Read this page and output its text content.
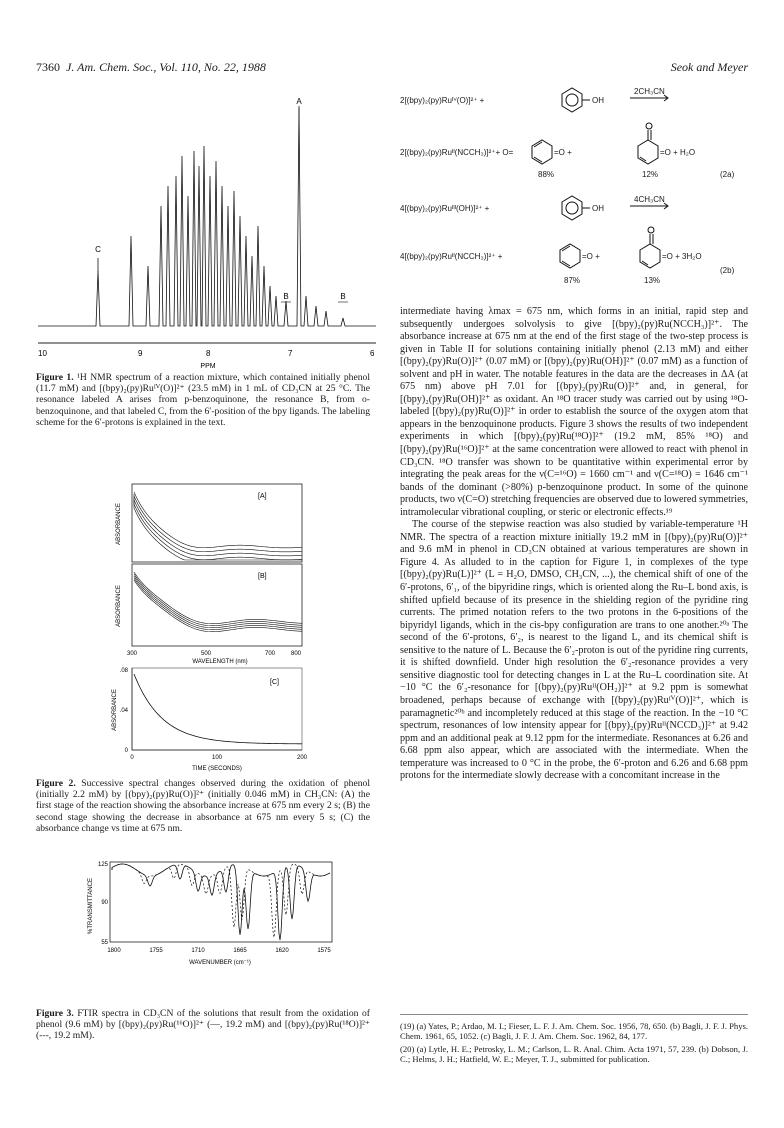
7360 J. Am. Chem. Soc., Vol. 110, No. 22, 1988	Seok and Meyer
A
C
B	B
10	9	8	7	6
PPM
Figure 1. ¹H NMR spectrum of a reaction mixture, which contained initially phenol (11.7 mM) and [(bpy)₂(py)Ruᴵⱽ(O)]²⁺ (23.5 mM) in 1 mL of CD₃CN at 25 °C. The resonance labeled A arises from p-benzoquinone, the resonance B, from o-benzoquinone, and that labeled C, from the 6′-position of the bpy ligands. The labeling scheme for the 6′-protons is explained in the text.
[A]
ABSORBANCE
[B]
ABSORBANCE
300	500	700	800
WAVELENGTH (nm)
[C]
ABSORBANCE
.08
.04
0
0	100	200
TIME (SECONDS)
Figure 2. Successive spectral changes observed during the oxidation of phenol (initially 2.2 mM) by [(bpy)₂(py)Ru(O)]²⁺ (initially 0.046 mM) in CH₃CN: (A) the first stage of the reaction showing the absorbance increase at 675 nm every 2 s; (B) the second stage showing the decrease in absorbance at 675 nm every 5 s; (C) the absorbance change vs time at 675 nm.
%TRANSMITTANCE
125
90
55
1800	1755	1710	1665	1620	1575
WAVENUMBER (cm⁻¹)
Figure 3. FTIR spectra in CD₃CN of the solutions that result from the oxidation of phenol (9.6 mM) by [(bpy)₂(py)Ru(¹⁶O)]²⁺ (—, 19.2 mM) and [(bpy)₂(py)Ru(¹⁸O)]²⁺ (---, 19.2 mM).
2[(bpy)₂(py)Ruᴵⱽ(O)]²⁺ +	OH
2CH₃CN
2[(bpy)₂(py)Ruᴵᴵ(NCCH₃)]²⁺+ O=	=O +	=O + H₂O
88%	12%	(2a)
4[(bpy)₂(py)Ruᴵᴵᴵ(OH)]²⁺ +	OH
4CH₃CN
4[(bpy)₂(py)Ruᴵᴵ(NCCH₃)]²⁺ +	=O +	=O + 3H₂O
87%	13%
(2b)

intermediate having λmax = 675 nm, which forms in an initial, rapid step and subsequently undergoes solvolysis to give [(bpy)₂(py)Ru(NCCH₃)]²⁺. The absorbance increase at 675 nm at the end of the first stage of the two-step process is given in Table II for solutions containing initially phenol (2.13 mM) and either [(bpy)₂(py)Ru(O)]²⁺ (0.07 mM) or [(bpy)₂(py)Ru(OH)]²⁺ (0.07 mM) as a function of solvent and pH in water. The notable features in the data are the decreases in ΔA (at 675 nm) above pH 7.01 for [(bpy)₂(py)Ru(O)]²⁺ and, in general, for [(bpy)₂(py)Ru(OH)]²⁺ as oxidant. An ¹⁸O tracer study was carried out by using ¹⁸O-labeled [(bpy)₂(py)Ru(O)]²⁺ in order to establish the source of the oxygen atom that appears in the benzoquinone products. Figure 3 shows the results of two independent experiments in which [(bpy)₂(py)Ru(¹⁸O)]²⁺ (19.2 mM, 85% ¹⁸O) and [(bpy)₂(py)Ru(¹⁶O)]²⁺ at the same concentration were allowed to react with phenol in CD₃CN. ¹⁸O transfer was shown to be quantitative within experimental error by integrating the peak areas for the ν(C=¹⁶O) = 1660 cm⁻¹ and ν(C=¹⁸O) = 1646 cm⁻¹ bands of the dominant (>80%) p-benzoquinone product. In some of the quinone products, two ν(C=O) stretching frequencies are observed due to lowered symmetries, intramolecular vibrational coupling, or steric or electronic effects.¹⁹

The course of the stepwise reaction was also studied by variable-temperature ¹H NMR. The spectra of a reaction mixture initially 19.2 mM in [(bpy)₂(py)Ru(O)]²⁺ and 9.6 mM in phenol in CD₃CN obtained at various temperatures are shown in Figure 4. As alluded to in the caption for Figure 1, in complexes of the type [(bpy)₂(py)Ru(L)]²⁺ (L = H₂O, DMSO, CH₃CN, ...), the chemical shift of one of the 6′-protons, 6′₁, of the bipyridine rings, which is oriented along the Ru–L bond axis, is shifted upfield because of its presence in the shielding region of the pyridine ring currents. The primed notation refers to the two protons in the 6-positions of the bipyridyl ligands, which in the cis-bpy configuration are trans to one another.²⁰ᵃ The second of the 6′-protons, 6′₂, is nearest to the ligand L, and its chemical shift is sensitive to the nature of L. Because the 6′₂-proton is out of the pyridine ring currents, it is shifted downfield. Under high resolution the 6′₂-resonance provides a very sensitive diagnostic tool for detecting changes in L at the Ru–L coordination site. At −10 °C the 6′₂-resonance for [(bpy)₂(py)Ruᴵᴵ(OH₂)]²⁺ at 9.2 ppm is somewhat broadened, perhaps because of exchange with [(bpy)₂(py)Ruᴵⱽ(O)]²⁺, which is paramagnetic²⁰ᵇ and incompletely reduced at this stage of the reaction. In the −10 °C spectrum, resonances of low intensity appear for [(bpy)₂(py)Ruᴵᴵ(NCCD₃)]²⁺ at 9.42 ppm and an additional peak at 9.12 ppm for the intermediate. Resonances at 6.26 and 6.68 ppm also appear, which are associated with the intermediate. When the temperature was increased to 0 °C in the probe, the 6′-proton and 6.26 and 6.68 ppm protons for the intermediate slowly decrease with a concomitant increase in the

(19) (a) Yates, P.; Ardao, M. I.; Fieser, L. F. J. Am. Chem. Soc. 1956, 78, 650. (b) Bagli, J. F. J. Phys. Chem. 1961, 65, 1052. (c) Bagli, J. F. J. Am. Chem. Soc. 1962, 84, 177.

(20) (a) Lytle, H. E.; Petrosky, L. M.; Carlson, L. R. Anal. Chim. Acta 1971, 57, 239. (b) Dobson, J. C.; Helms, J. H.; Hatfield, W. E.; Meyer, T. J., submitted for publication.
